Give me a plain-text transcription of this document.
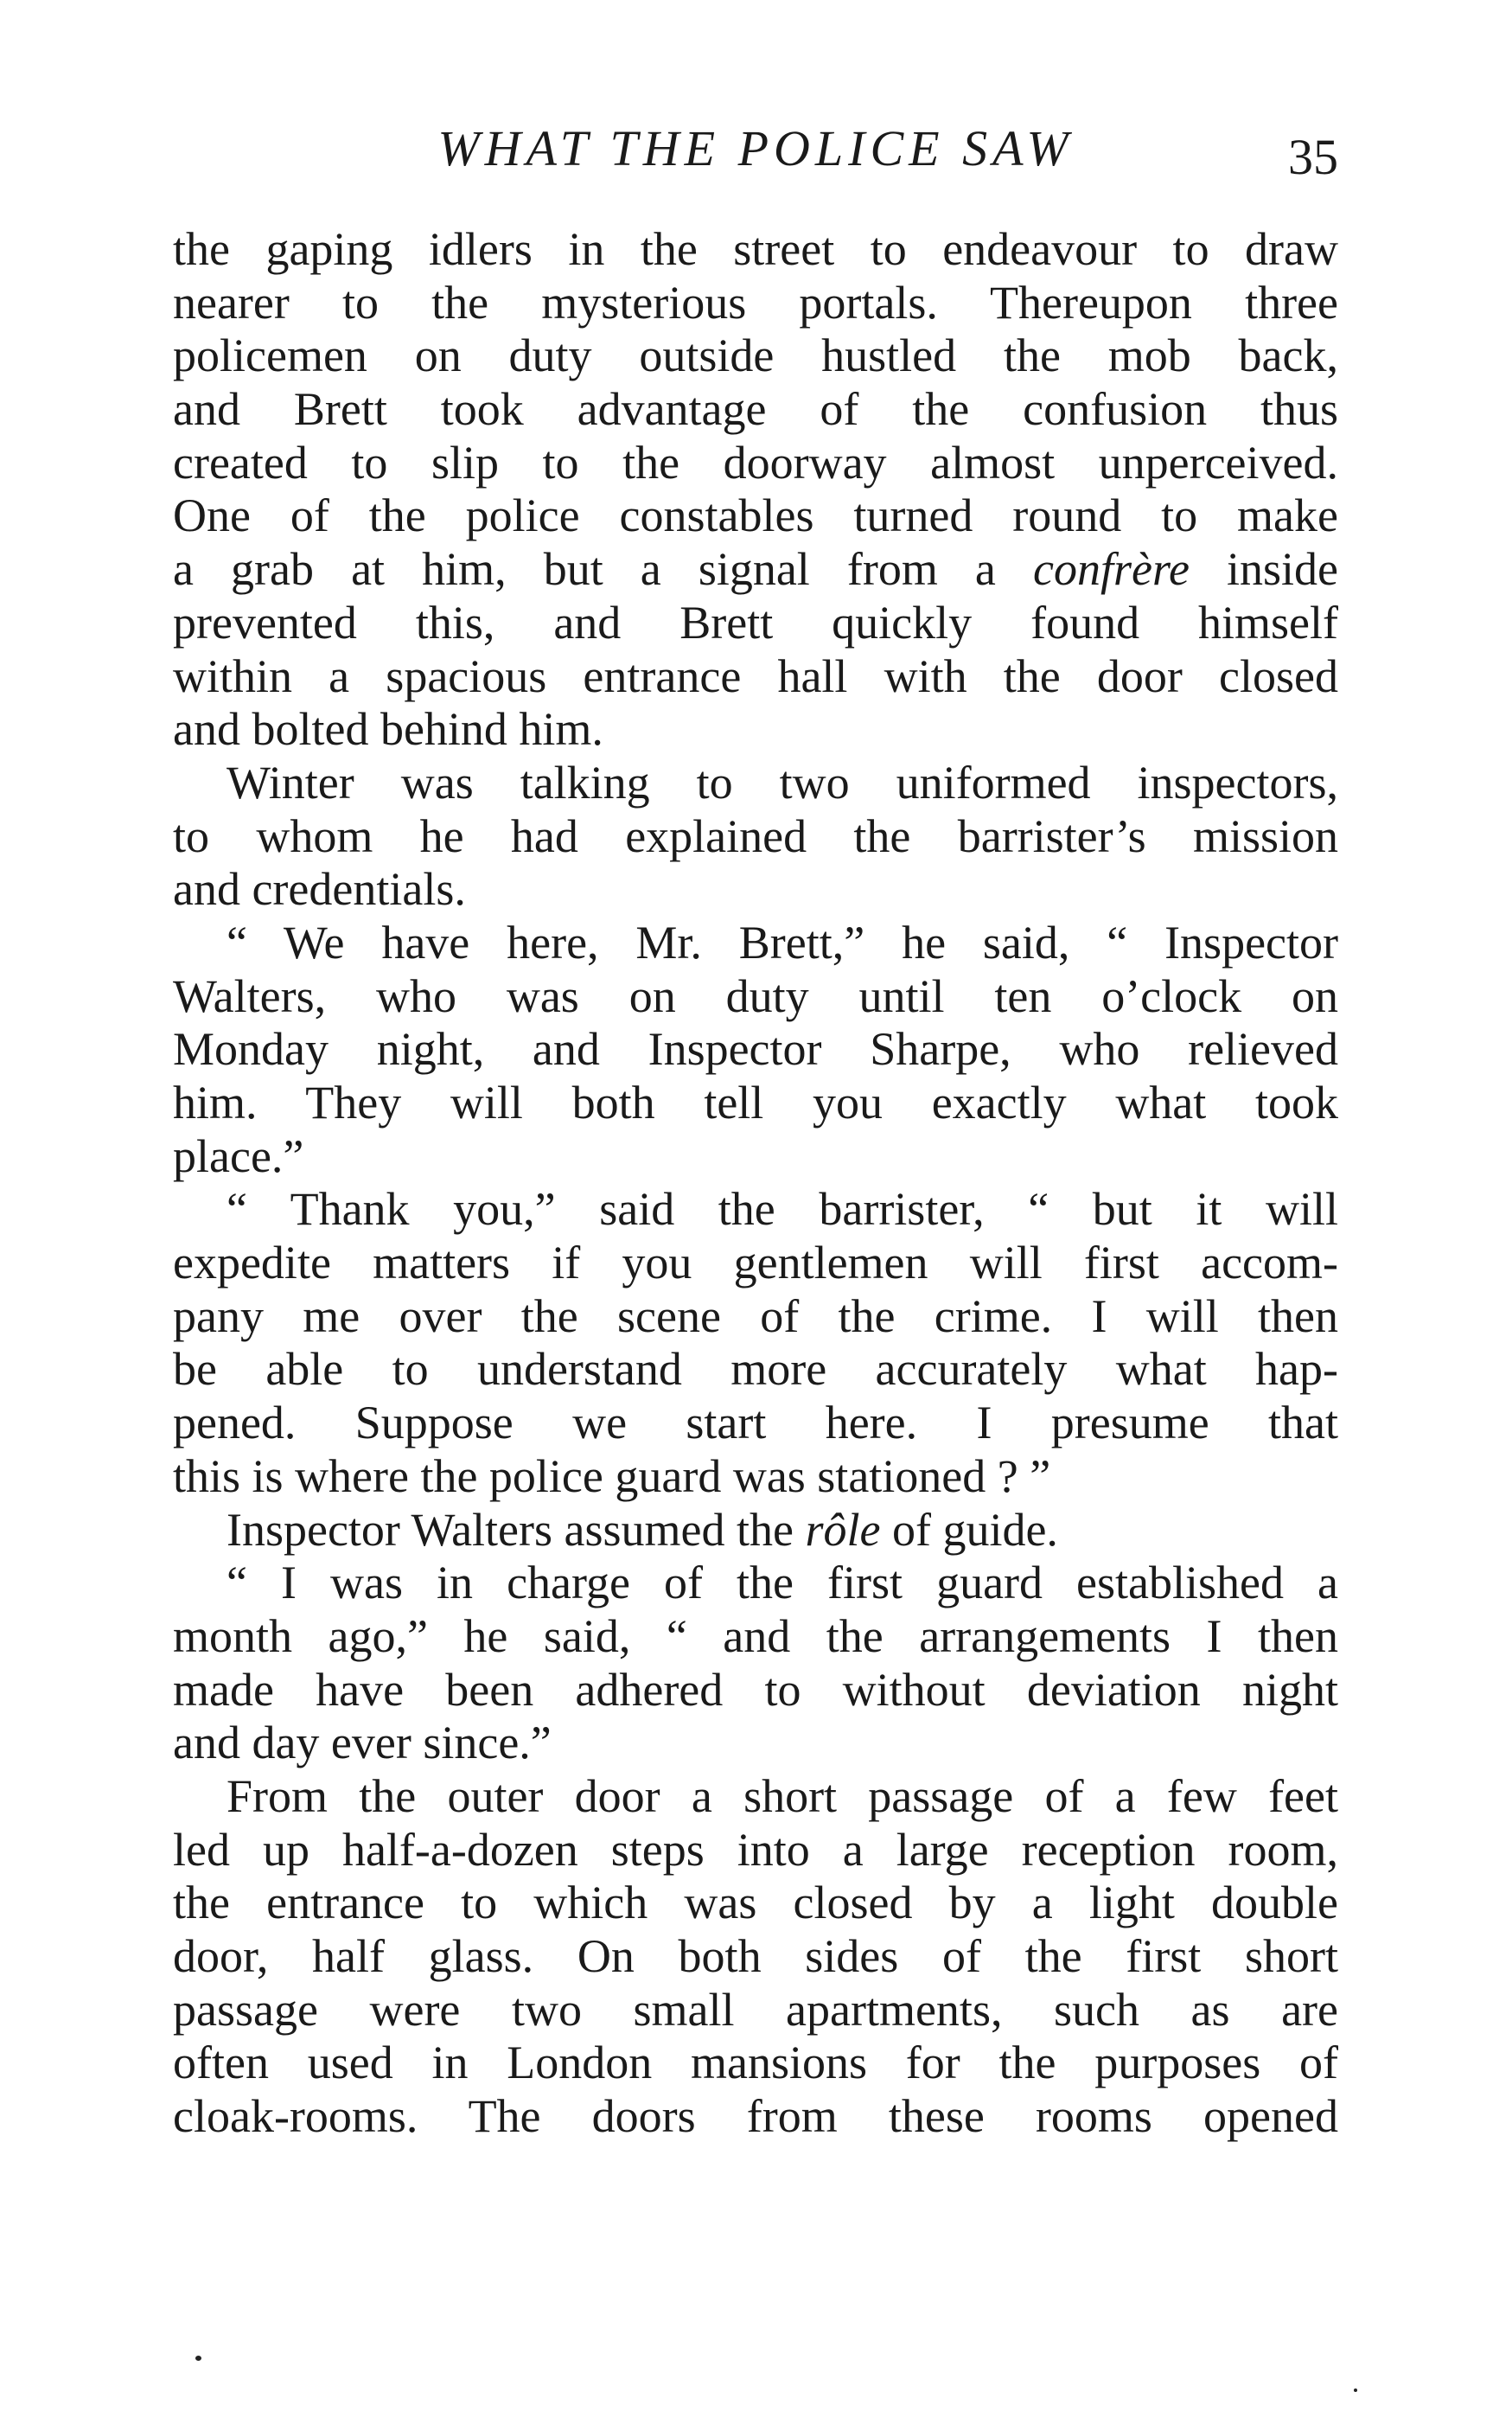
WHAT THE POLICE SAW	35
the gaping idlers in the street to endeavour to draw
nearer to the mysterious portals. Thereupon three
policemen on duty outside hustled the mob back,
and Brett took advantage of the confusion thus
created to slip to the doorway almost unperceived.
One of the police constables turned round to make
a grab at him, but a signal from a confrère inside
prevented this, and Brett quickly found himself
within a spacious entrance hall with the door closed
and bolted behind him.
Winter was talking to two uniformed inspectors,
to whom he had explained the barrister’s mission
and credentials.
“ We have here, Mr. Brett,” he said, “ Inspector
Walters, who was on duty until ten o’clock on
Monday night, and Inspector Sharpe, who relieved
him. They will both tell you exactly what took
place.”
“ Thank you,” said the barrister, “ but it will
expedite matters if you gentlemen will first accom-
pany me over the scene of the crime. I will then
be able to understand more accurately what hap-
pened. Suppose we start here. I presume that
this is where the police guard was stationed ? ”
Inspector Walters assumed the rôle of guide.
“ I was in charge of the first guard established a
month ago,” he said, “ and the arrangements I then
made have been adhered to without deviation night
and day ever since.”
From the outer door a short passage of a few feet
led up half-a-dozen steps into a large reception room,
the entrance to which was closed by a light double
door, half glass. On both sides of the first short
passage were two small apartments, such as are
often used in London mansions for the purposes of
cloak-rooms. The doors from these rooms opened
